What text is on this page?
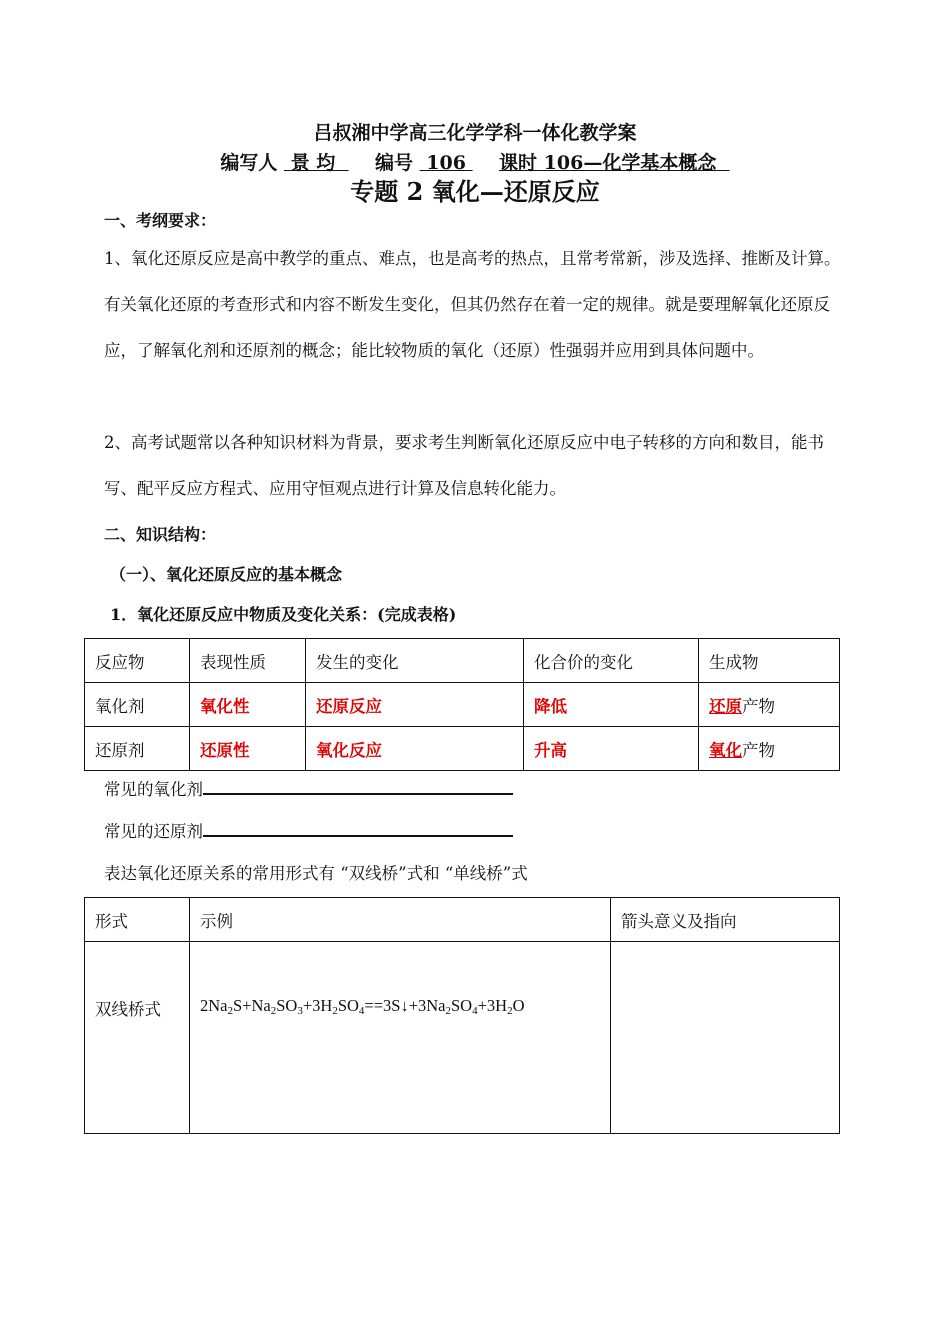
吕叔湘中学高三化学学科一体化教学案
编写人 景 均 编号 106 课时 106—化学基本概念
专题 2 氧化—还原反应
一、考纲要求：
1、氧化还原反应是高中教学的重点、难点，也是高考的热点，且常考常新，涉及选择、推断及计算。有关氧化还原的考查形式和内容不断发生变化，但其仍然存在着一定的规律。就是要理解氧化还原反应，了解氧化剂和还原剂的概念；能比较物质的氧化（还原）性强弱并应用到具体问题中。
2、高考试题常以各种知识材料为背景，要求考生判断氧化还原反应中电子转移的方向和数目，能书写、配平反应方程式、应用守恒观点进行计算及信息转化能力。
二、知识结构：
（一）、氧化还原反应的基本概念
1．氧化还原反应中物质及变化关系：(完成表格)
反应物	表现性质	发生的变化	化合价的变化	生成物
氧化剂	氧化性	还原反应	降低	还原产物
还原剂	还原性	氧化反应	升高	氧化产物
常见的氧化剂
常见的还原剂
表达氧化还原关系的常用形式有 “双线桥”式和 “单线桥”式
形式	示例	箭头意义及指向
双线桥式	$2Na_2S+Na_2SO_3+3H_2SO_4==3S↓+3Na_2SO_4+3H_2O$	
